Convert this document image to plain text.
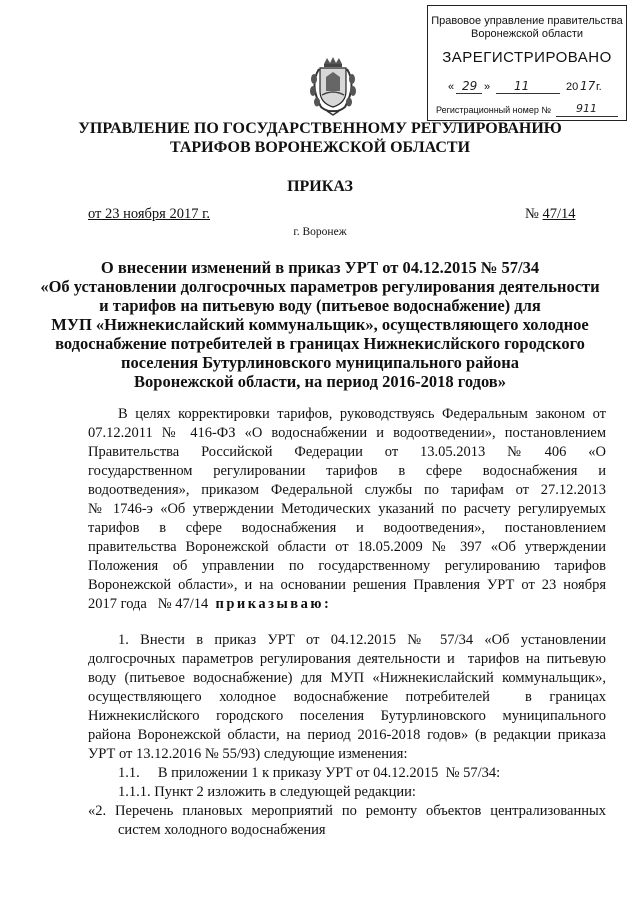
Правовое управление правительства
Воронежской области
ЗАРЕГИСТРИРОВАНО
« 29 » 11	20 17 г.
Регистрационный номер № 911
УПРАВЛЕНИЕ ПО ГОСУДАРСТВЕННОМУ РЕГУЛИРОВАНИЮ
ТАРИФОВ ВОРОНЕЖСКОЙ ОБЛАСТИ
ПРИКАЗ
от 23 ноября 2017 г.	№ 47/14
г. Воронеж
О внесении изменений в приказ УРТ от 04.12.2015 № 57/34
«Об установлении долгосрочных параметров регулирования деятельности
и тарифов на питьевую воду (питьевое водоснабжение) для
МУП «Нижнекислайский коммунальщик», осуществляющего холодное
водоснабжение потребителей в границах Нижнекислйского городского
поселения Бутурлиновского муниципального района
Воронежской области, на период 2016-2018 годов»
В целях корректировки тарифов, руководствуясь Федеральным законом от
07.12.2011 № 416-ФЗ «О водоснабжении и водоотведении», постановлением
Правительства    Российской    Федерации    от    13.05.2013    №    406    «О
государственном    регулировании    тарифов    в    сфере    водоснабжения    и
водоотведения», приказом Федеральной службы по тарифам от 27.12.2013
№ 1746-э «Об утверждении Методических указаний по расчету регулируемых
тарифов    в    сфере    водоснабжения    и    водоотведения»,    постановлением
правительства Воронежской области от 18.05.2009 № 397 «Об утверждении
Положения об управлении по государственному регулированию тарифов
Воронежской области», и на основании решения Правления УРТ от 23 ноября
2017 года   № 47/14  приказываю:
1. Внести в приказ УРТ от 04.12.2015 № 57/34 «Об установлении
долгосрочных параметров регулирования деятельности и  тарифов на питьевую
воду (питьевое водоснабжение) для МУП «Нижнекислайский коммунальщик»,
осуществляющего    холодное    водоснабжение    потребителей        в    границах
Нижнекислйского городского поселения Бутурлиновского муниципального
района Воронежской области, на период 2016-2018 годов» (в редакции приказа
УРТ от 13.12.2016 № 55/93) следующие изменения:
1.1.     В приложении 1 к приказу УРТ от 04.12.2015  № 57/34:
1.1.1. Пункт 2 изложить в следующей редакции:
«2. Перечень плановых мероприятий по ремонту объектов централизованных
систем холодного водоснабжения
